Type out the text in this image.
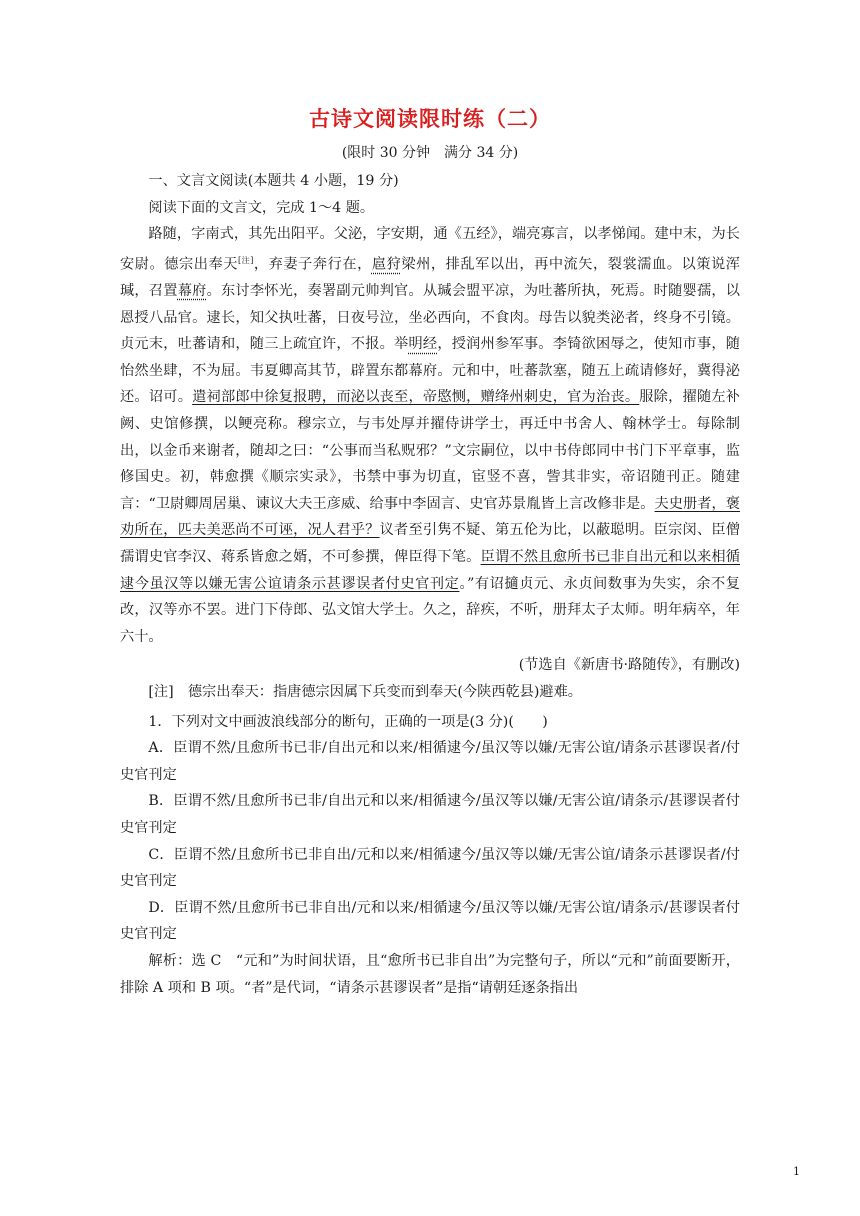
古诗文阅读限时练（二）
(限时 30 分钟　满分 34 分)
一、文言文阅读(本题共 4 小题，19 分)
阅读下面的文言文，完成 1～4 题。
路随，字南式，其先出阳平。父泌，字安期，通《五经》，端亮寡言，以孝悌闻。建中末，为长安尉。德宗出奉天[注]，弃妻子奔行在，扈狩梁州，排乱军以出，再中流矢，裂裳濡血。以策说浑瑊，召置幕府。东讨李怀光，奏署副元帅判官。从瑊会盟平凉，为吐蕃所执，死焉。时随婴孺，以恩授八品官。逮长，知父执吐蕃，日夜号泣，坐必西向，不食肉。母告以貌类泌者，终身不引镜。贞元末，吐蕃请和，随三上疏宜许，不报。举明经，授润州参军事。李锜欲困辱之，使知市事，随怡然坐肆，不为屈。韦夏卿高其节，辟置东都幕府。元和中，吐蕃款塞，随五上疏请修好，冀得泌还。诏可。遣祠部郎中徐复报聘，而泌以丧至，帝愍恻，赠绛州刺史，官为治丧。服除，擢随左补阙、史馆修撰，以鲠亮称。穆宗立，与韦处厚并擢侍讲学士，再迁中书舍人、翰林学士。每除制出，以金币来谢者，随却之曰：“公事而当私贶邪？”文宗嗣位，以中书侍郎同中书门下平章事，监修国史。初，韩愈撰《顺宗实录》，书禁中事为切直，宦竖不喜，訾其非实，帝诏随刊正。随建言：“卫尉卿周居巢、谏议大夫王彦威、给事中李固言、史官苏景胤皆上言改修非是。夫史册者，褒劝所在，匹夫美恶尚不可诬，况人君乎？议者至引隽不疑、第五伦为比，以蔽聪明。臣宗闵、臣僧孺谓史官李汉、蒋系皆愈之婿，不可参撰，俾臣得下笔。臣谓不然且愈所书已非自出元和以来相循逮今虽汉等以嫌无害公谊请条示甚谬误者付史官刊定。”有诏擿贞元、永贞间数事为失实，余不复改，汉等亦不罢。进门下侍郎、弘文馆大学士。久之，辞疾，不听，册拜太子太师。明年病卒，年六十。
(节选自《新唐书·路随传》，有删改)
[注]　德宗出奉天：指唐德宗因属下兵变而到奉天(今陕西乾县)避难。
1．下列对文中画波浪线部分的断句，正确的一项是(3 分)(　　)
A．臣谓不然/且愈所书已非/自出元和以来/相循逮今/虽汉等以嫌/无害公谊/请条示甚谬误者/付史官刊定
B．臣谓不然/且愈所书已非/自出元和以来/相循逮今/虽汉等以嫌/无害公谊/请条示/甚谬误者付史官刊定
C．臣谓不然/且愈所书已非自出/元和以来/相循逮今/虽汉等以嫌/无害公谊/请条示甚谬误者/付史官刊定
D．臣谓不然/且愈所书已非自出/元和以来/相循逮今/虽汉等以嫌/无害公谊/请条示/甚谬误者付史官刊定
解析：选 C　“元和”为时间状语，且“愈所书已非自出”为完整句子，所以“元和”前面要断开，排除 A 项和 B 项。“者”是代词，“请条示甚谬误者”是指“请朝廷逐条指出
1
